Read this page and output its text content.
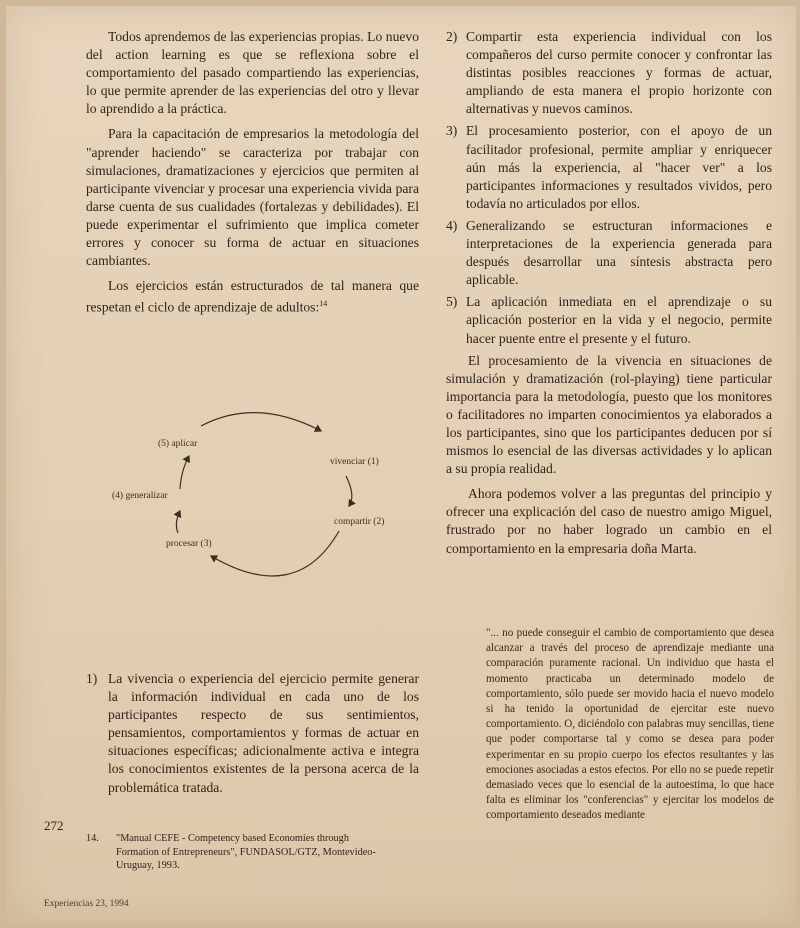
Todos aprendemos de las experiencias propias. Lo nuevo del action learning es que se reflexiona sobre el comportamiento del pasado compartiendo las experiencias, lo que permite aprender de las experiencias del otro y llevar lo aprendido a la práctica.

Para la capacitación de empresarios la metodología del "aprender haciendo" se caracteriza por trabajar con simulaciones, dramatizaciones y ejercicios que permiten al participante vivenciar y procesar una experiencia vivida para darse cuenta de sus cualidades (fortalezas y debilidades). El puede experimentar el sufrimiento que implica cometer errores y conocer su forma de actuar en situaciones cambiantes.

Los ejercicios están estructurados de tal manera que respetan el ciclo de aprendizaje de adultos:$^{14}$

(5) aplicar
vivenciar (1)
compartir (2)
procesar (3)
(4) generalizar
1) La vivencia o experiencia del ejercicio permite generar la información individual en cada uno de los participantes respecto de sus sentimientos, pensamientos, comportamientos y formas de actuar en situaciones específicas; adicionalmente activa e integra los conocimientos existentes de la persona acerca de la problemática tratada.
272
14.	"Manual CEFE - Competency based Economies through Formation of Entrepreneurs", FUNDASOL/GTZ, Montevideo-Uruguay, 1993.
2) Compartir esta experiencia individual con los compañeros del curso permite conocer y confrontar las distintas posibles reacciones y formas de actuar, ampliando de esta manera el propio horizonte con alternativas y nuevos caminos.
3) El procesamiento posterior, con el apoyo de un facilitador profesional, permite ampliar y enriquecer aún más la experiencia, al "hacer ver" a los participantes informaciones y resultados vividos, pero todavía no articulados por ellos.
4) Generalizando se estructuran informaciones e interpretaciones de la experiencia generada para después desarrollar una síntesis abstracta pero aplicable.
5) La aplicación inmediata en el aprendizaje o su aplicación posterior en la vida y el negocio, permite hacer puente entre el presente y el futuro.

El procesamiento de la vivencia en situaciones de simulación y dramatización (rol-playing) tiene particular importancia para la metodología, puesto que los monitores o facilitadores no imparten conocimientos ya elaborados a los participantes, sino que los participantes deducen por sí mismos lo esencial de las diversas actividades y lo aplican a su propia realidad.

Ahora podemos volver a las preguntas del principio y ofrecer una explicación del caso de nuestro amigo Miguel, frustrado por no haber logrado un cambio en el comportamiento en la empresaria doña Marta.

"... no puede conseguir el cambio de comportamiento que desea alcanzar a través del proceso de aprendizaje mediante una comparación puramente racional. Un individuo que hasta el momento practicaba un determinado modelo de comportamiento, sólo puede ser movido hacia el nuevo modelo si ha tenido la oportunidad de ejercitar este nuevo comportamiento. O, diciéndolo con palabras muy sencillas, tiene que poder comportarse tal y como se desea para poder experimentar en su propio cuerpo los efectos resultantes y las emociones asociadas a estos efectos. Por ello no se puede repetir demasiado veces que lo esencial de la autoestima, lo que hace falta es eliminar los "conferencias" y ejercitar los modelos de comportamiento deseados mediante
Experiencias 23, 1994
